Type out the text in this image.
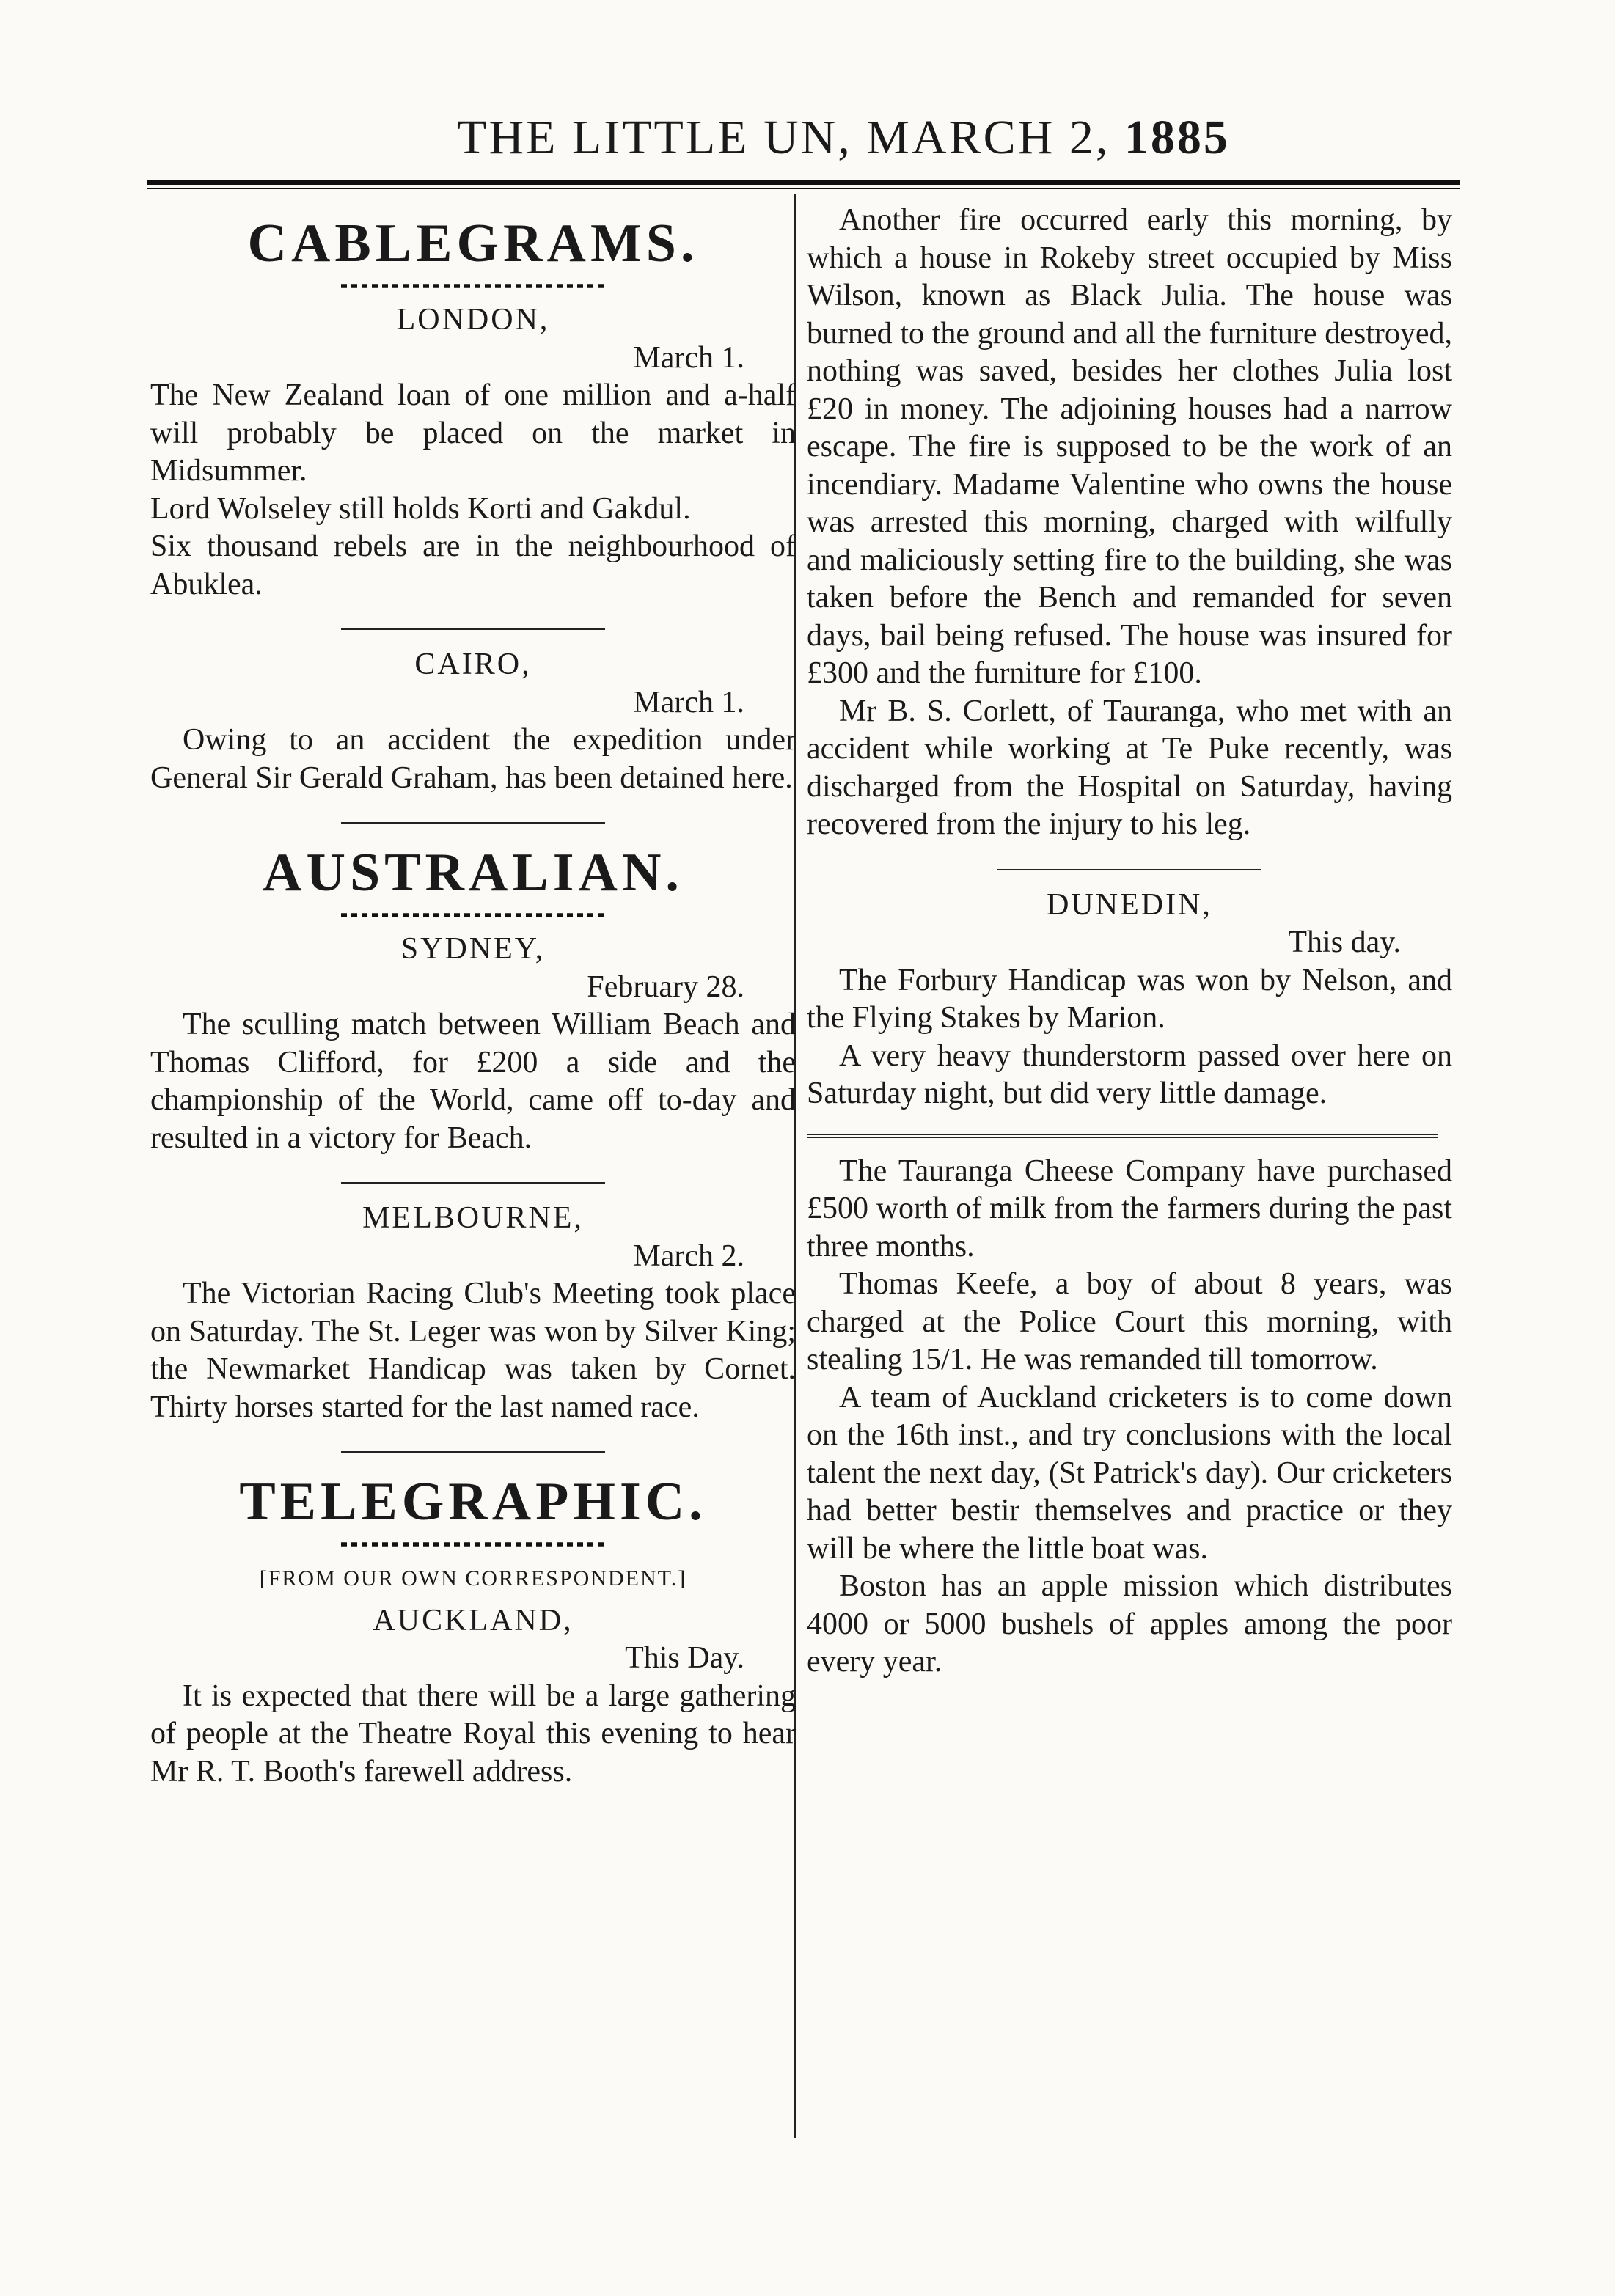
THE LITTLE UN, MARCH 2, 1885
CABLEGRAMS.
LONDON,
March 1.

The New Zealand loan of one million and a-half will probably be placed on the market in Midsummer.

Lord Wolseley still holds Korti and Gakdul.

Six thousand rebels are in the neighbourhood of Abuklea.

CAIRO,
March 1.

Owing to an accident the expedition under General Sir Gerald Graham, has been detained here.

AUSTRALIAN.
SYDNEY,
February 28.

The sculling match between William Beach and Thomas Clifford, for £200 a side and the championship of the World, came off to-day and resulted in a victory for Beach.

MELBOURNE,
March 2.

The Victorian Racing Club's Meeting took place on Saturday. The St. Leger was won by Silver King; the Newmarket Handicap was taken by Cornet. Thirty horses started for the last named race.

TELEGRAPHIC.
[FROM OUR OWN CORRESPONDENT.]
AUCKLAND,
This Day.

It is expected that there will be a large gathering of people at the Theatre Royal this evening to hear Mr R. T. Booth's farewell address.

Another fire occurred early this morning, by which a house in Rokeby street occupied by Miss Wilson, known as Black Julia. The house was burned to the ground and all the furniture destroyed, nothing was saved, besides her clothes Julia lost £20 in money. The adjoining houses had a narrow escape. The fire is supposed to be the work of an incendiary. Madame Valentine who owns the house was arrested this morning, charged with wilfully and maliciously setting fire to the building, she was taken before the Bench and remanded for seven days, bail being refused. The house was insured for £300 and the furniture for £100.

Mr B. S. Corlett, of Tauranga, who met with an accident while working at Te Puke recently, was discharged from the Hospital on Saturday, having recovered from the injury to his leg.

DUNEDIN,
This day.

The Forbury Handicap was won by Nelson, and the Flying Stakes by Marion.

A very heavy thunderstorm passed over here on Saturday night, but did very little damage.

The Tauranga Cheese Company have purchased £500 worth of milk from the farmers during the past three months.

Thomas Keefe, a boy of about 8 years, was charged at the Police Court this morning, with stealing 15/1. He was remanded till tomorrow.

A team of Auckland cricketers is to come down on the 16th inst., and try conclusions with the local talent the next day, (St Patrick's day). Our cricketers had better bestir themselves and practice or they will be where the little boat was.

Boston has an apple mission which distributes 4000 or 5000 bushels of apples among the poor every year.
